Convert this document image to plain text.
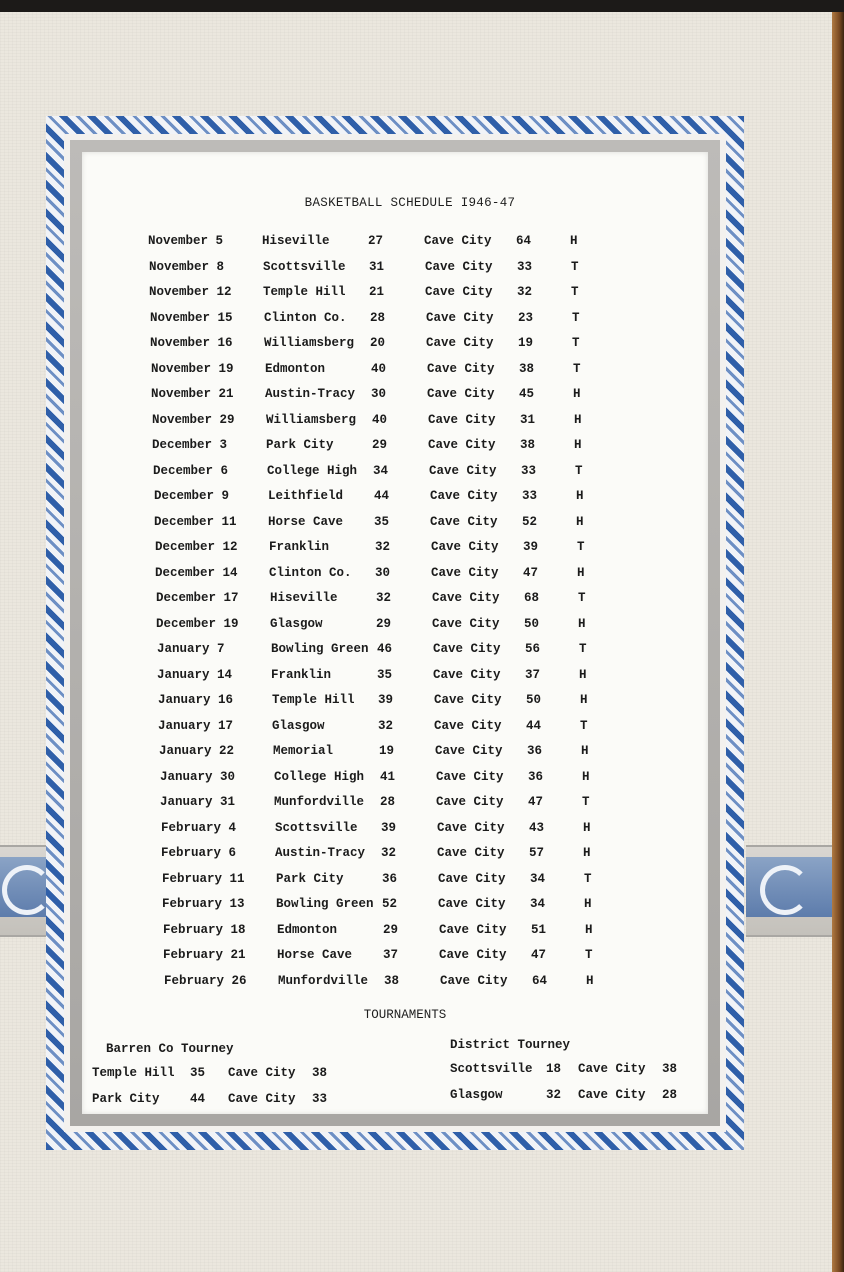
BASKETBALL SCHEDULE I946-47
November 5	Hiseville	27	Cave City 64	H
November 8	Scottsville 31	Cave City 33	T
November 12	Temple Hill 21	Cave City 32	T
November 15	Clinton Co. 28	Cave City 23	T
November 16	Williamsberg 20	Cave City 19	T
November 19	Edmonton	40	Cave City 38	T
November 21	Austin-Tracy 30	Cave City 45	H
November 29	Williamsberg 40	Cave City 31	H
December 3	Park City	29	Cave City 38	H
December 6	College High 34	Cave City 33	T
December 9	Leithfield 44	Cave City 33	H
December 11	Horse Cave 35	Cave City 52	H
December 12	Franklin	32	Cave City 39	T
December 14	Clinton Co. 30	Cave City 47	H
December 17	Hiseville	32	Cave City 68	T
December 19	Glasgow	29	Cave City 50	H
January 7	Bowling Green 46	Cave City 56	T
January 14	Franklin	35	Cave City 37	H
January 16	Temple Hill 39	Cave City 50	H
January 17	Glasgow	32	Cave City 44	T
January 22	Memorial	19	Cave City 36	H
January 30	College High 41	Cave City 36	H
January 31	Munfordville 28	Cave City 47	T
February 4	Scottsville 39	Cave City 43	H
February 6	Austin-Tracy 32	Cave City 57	H
February 11	Park City	36	Cave City 34	T
February 13	Bowling Green 52	Cave City 34	H
February 18	Edmonton	29	Cave City 51	H
February 21	Horse Cave 37	Cave City 47	T
February 26	Munfordville 38	Cave City 64	H
TOURNAMENTS
Barren Co Tourney	District Tourney
Temple Hill 35 Cave City 38
Park City 44 Cave City 33
Scottsville 18 Cave City 38
Glasgow	32 Cave City 28
